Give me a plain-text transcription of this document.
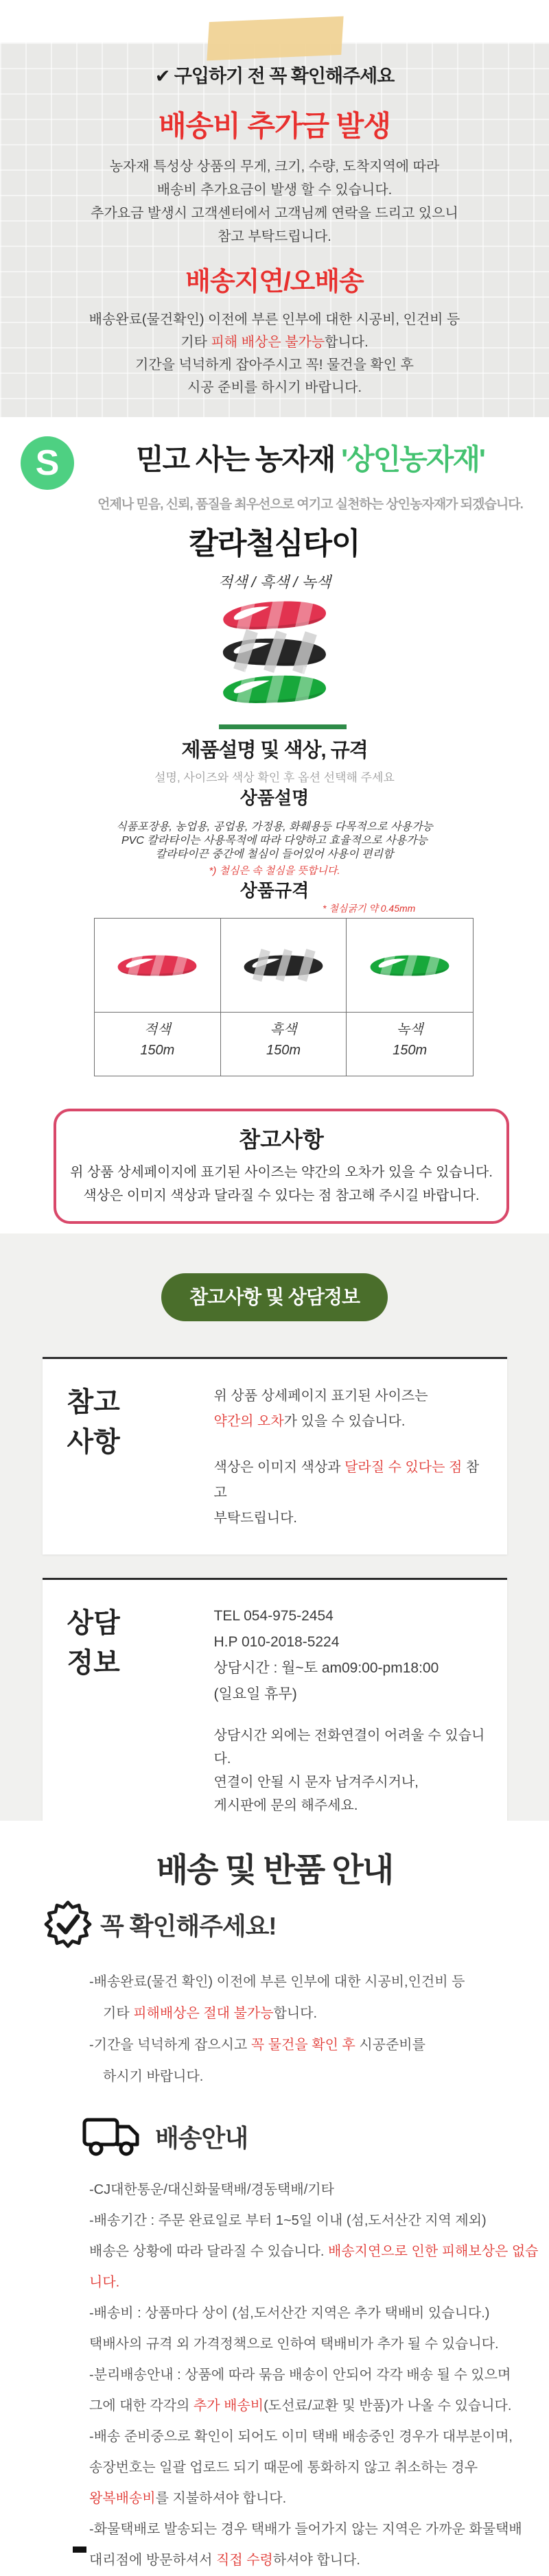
✔ 구입하기 전 꼭 확인해주세요
배송비 추가금 발생
농자재 특성상 상품의 무게, 크기, 수량, 도착지역에 따라
배송비 추가요금이 발생 할 수 있습니다.
추가요금 발생시 고객센터에서 고객님께 연락을 드리고 있으니
참고 부탁드립니다.
배송지연/오배송
배송완료(물건확인) 이전에 부른 인부에 대한 시공비, 인건비 등
기타 피해 배상은 불가능합니다.
기간을 넉넉하게 잡아주시고 꼭! 물건을 확인 후
시공 준비를 하시기 바랍니다.
S	믿고 사는 농자재 '상인농자재'
언제나 믿음, 신뢰, 품질을 최우선으로 여기고 실천하는 상인농자재가 되겠습니다.
칼라철심타이
적색 / 흑색 / 녹색
제품설명 및 색상, 규격
설명, 사이즈와 색상 확인 후 옵션 선택해 주세요
상품설명
식품포장용, 농업용, 공업용, 가정용, 화훼용등 다목적으로 사용가능
PVC 칼라타이는 사용목적에 따라 다양하고 효율적으로 사용가능
칼라타이끈 중간에 철심이 들어있어 사용이 편리함
*) 철심은 속 철심을 뜻합니다.
상품규격
* 철심굵기 약 0.45mm
적색
150m
흑색
150m
녹색
150m
참고사항
위 상품 상세페이지에 표기된 사이즈는 약간의 오차가 있을 수 있습니다.
색상은 이미지 색상과 달라질 수 있다는 점 참고해 주시길 바랍니다.
참고사항 및 상담정보
참고
사항
위 상품 상세페이지 표기된 사이즈는
약간의 오차가 있을 수 있습니다.
색상은 이미지 색상과 달라질 수 있다는 점 참고
부탁드립니다.
상담
정보
TEL 054-975-2454
H.P 010-2018-5224
상담시간 : 월~토 am09:00-pm18:00
(일요일 휴무)
상담시간 외에는 전화연결이 어려울 수 있습니다.
연결이 안될 시 문자 남겨주시거나,
게시판에 문의 해주세요.
배송 및 반품 안내
꼭 확인해주세요!
-배송완료(물건 확인) 이전에 부른 인부에 대한 시공비,인건비 등
기타 피해배상은 절대 불가능합니다.
-기간을 넉넉하게 잡으시고 꼭 물건을 확인 후 시공준비를
하시기 바랍니다.
배송안내
-CJ대한통운/대신화물택배/경동택배/기타
-배송기간 : 주문 완료일로 부터 1~5일 이내 (섬,도서산간 지역 제외)
배송은 상황에 따라 달라질 수 있습니다. 배송지연으로 인한 피해보상은 없습니다.
-배송비 : 상품마다 상이 (섬,도서산간 지역은 추가 택배비 있습니다.)
택배사의 규격 외 가격정책으로 인하여 택배비가 추가 될 수 있습니다.
-분리배송안내 : 상품에 따라 묶음 배송이 안되어 각각 배송 될 수 있으며
그에 대한 각각의 추가 배송비(도선료/교환 및 반품)가 나올 수 있습니다.
-배송 준비중으로 확인이 되어도 이미 택배 배송중인 경우가 대부분이며,
송장번호는 일괄 업로드 되기 때문에 통화하지 않고 취소하는 경우
왕복배송비를 지불하셔야 합니다.
-화물택배로 발송되는 경우 택배가 들어가지 않는 지역은 가까운 화물택배
대리점에 방문하셔서 직접 수령하셔야 합니다.
